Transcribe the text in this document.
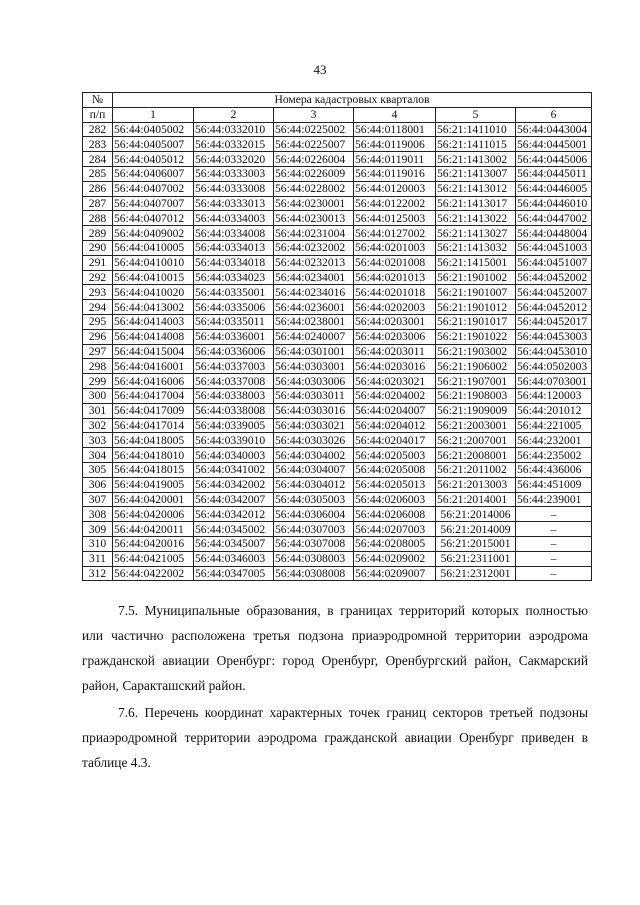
43
№	Номера кадастровых кварталов					
п/п	1	2	3	4	5	6
282	56:44:0405002	56:44:0332010	56:44:0225002	56:44:0118001	56:21:1411010	56:44:0443004
283	56:44:0405007	56:44:0332015	56:44:0225007	56:44:0119006	56:21:1411015	56:44:0445001
284	56:44:0405012	56:44:0332020	56:44:0226004	56:44:0119011	56:21:1413002	56:44:0445006
285	56:44:0406007	56:44:0333003	56:44:0226009	56:44:0119016	56:21:1413007	56:44:0445011
286	56:44:0407002	56:44:0333008	56:44:0228002	56:44:0120003	56:21:1413012	56:44:0446005
287	56:44:0407007	56:44:0333013	56:44:0230001	56:44:0122002	56:21:1413017	56:44:0446010
288	56:44:0407012	56:44:0334003	56:44:0230013	56:44:0125003	56:21:1413022	56:44:0447002
289	56:44:0409002	56:44:0334008	56:44:0231004	56:44:0127002	56:21:1413027	56:44:0448004
290	56:44:0410005	56:44:0334013	56:44:0232002	56:44:0201003	56:21:1413032	56:44:0451003
291	56:44:0410010	56:44:0334018	56:44:0232013	56:44:0201008	56:21:1415001	56:44:0451007
292	56:44:0410015	56:44:0334023	56:44:0234001	56:44:0201013	56:21:1901002	56:44:0452002
293	56:44:0410020	56:44:0335001	56:44:0234016	56:44:0201018	56:21:1901007	56:44:0452007
294	56:44:0413002	56:44:0335006	56:44:0236001	56:44:0202003	56:21:1901012	56:44:0452012
295	56:44:0414003	56:44:0335011	56:44:0238001	56:44:0203001	56:21:1901017	56:44:0452017
296	56:44:0414008	56:44:0336001	56:44:0240007	56:44:0203006	56:21:1901022	56:44:0453003
297	56:44:0415004	56:44:0336006	56:44:0301001	56:44:0203011	56:21:1903002	56:44:0453010
298	56:44:0416001	56:44:0337003	56:44:0303001	56:44:0203016	56:21:1906002	56:44:0502003
299	56:44:0416006	56:44:0337008	56:44:0303006	56:44:0203021	56:21:1907001	56:44:0703001
300	56:44:0417004	56:44:0338003	56:44:0303011	56:44:0204002	56:21:1908003	56:44:120003
301	56:44:0417009	56:44:0338008	56:44:0303016	56:44:0204007	56:21:1909009	56:44:201012
302	56:44:0417014	56:44:0339005	56:44:0303021	56:44:0204012	56:21:2003001	56:44:221005
303	56:44:0418005	56:44:0339010	56:44:0303026	56:44:0204017	56:21:2007001	56:44:232001
304	56:44:0418010	56:44:0340003	56:44:0304002	56:44:0205003	56:21:2008001	56:44:235002
305	56:44:0418015	56:44:0341002	56:44:0304007	56:44:0205008	56:21:2011002	56:44:436006
306	56:44:0419005	56:44:0342002	56:44:0304012	56:44:0205013	56:21:2013003	56:44:451009
307	56:44:0420001	56:44:0342007	56:44:0305003	56:44:0206003	56:21:2014001	56:44:239001
308	56:44:0420006	56:44:0342012	56:44:0306004	56:44:0206008	56:21:2014006	–
309	56:44:0420011	56:44:0345002	56:44:0307003	56:44:0207003	56:21:2014009	–
310	56:44:0420016	56:44:0345007	56:44:0307008	56:44:0208005	56:21:2015001	–
311	56:44:0421005	56:44:0346003	56:44:0308003	56:44:0209002	56:21:2311001	–
312	56:44:0422002	56:44:0347005	56:44:0308008	56:44:0209007	56:21:2312001	–

7.5. Муниципальные образования, в границах территорий которых полностью или частично расположена третья подзона приаэродромной территории аэродрома гражданской авиации Оренбург: город Оренбург, Оренбургский район, Сакмарский район, Саракташский район.

7.6. Перечень координат характерных точек границ секторов третьей подзоны приаэродромной территории аэродрома гражданской авиации Оренбург приведен в таблице 4.3.
